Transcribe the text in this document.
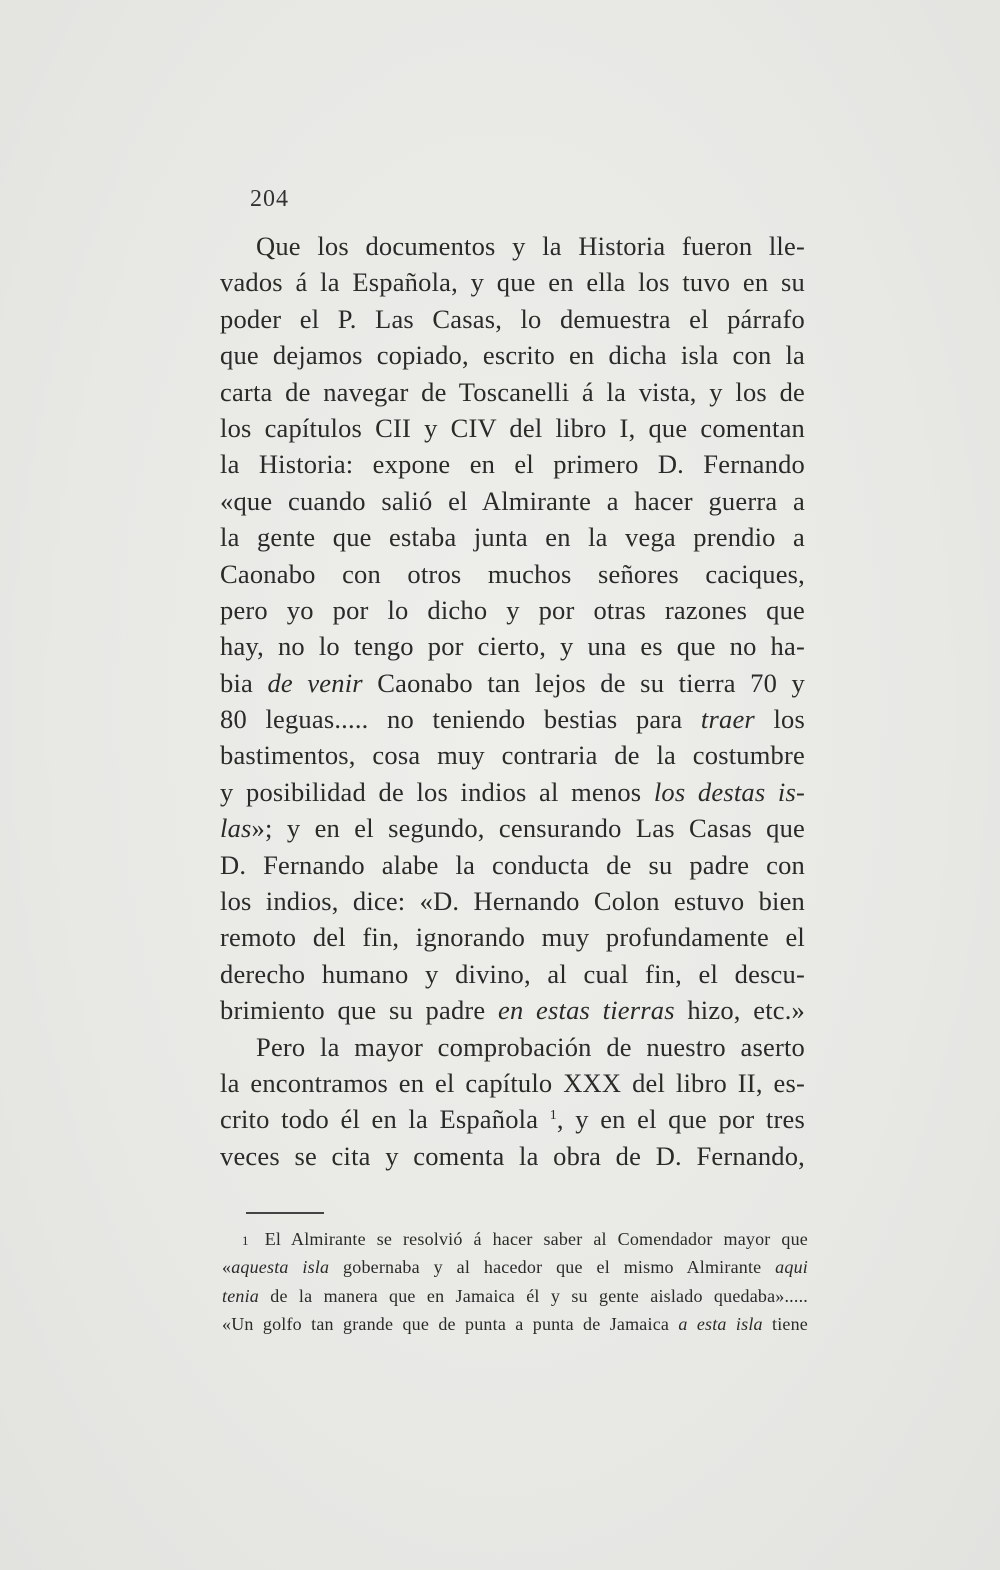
204
Que los documentos y la Historia fueron lle-
vados á la Española, y que en ella los tuvo en su
poder el P. Las Casas, lo demuestra el párrafo
que dejamos copiado, escrito en dicha isla con la
carta de navegar de Toscanelli á la vista, y los de
los capítulos CII y CIV del libro I, que comentan
la Historia: expone en el primero D. Fernando
«que cuando salió el Almirante a hacer guerra a
la gente que estaba junta en la vega prendio a
Caonabo con otros muchos señores caciques,
pero yo por lo dicho y por otras razones que
hay, no lo tengo por cierto, y una es que no ha-
bia de venir Caonabo tan lejos de su tierra 70 y
80 leguas..... no teniendo bestias para traer los
bastimentos, cosa muy contraria de la costumbre
y posibilidad de los indios al menos los destas is-
las»; y en el segundo, censurando Las Casas que
D. Fernando alabe la conducta de su padre con
los indios, dice: «D. Hernando Colon estuvo bien
remoto del fin, ignorando muy profundamente el
derecho humano y divino, al cual fin, el descu-
brimiento que su padre en estas tierras hizo, etc.»
Pero la mayor comprobación de nuestro aserto
la encontramos en el capítulo XXX del libro II, es-
crito todo él en la Española $^1$, y en el que por tres
veces se cita y comenta la obra de D. Fernando,
1 El Almirante se resolvió á hacer saber al Comendador mayor que
«aquesta isla gobernaba y al hacedor que el mismo Almirante aqui
tenia de la manera que en Jamaica él y su gente aislado quedaba».....
«Un golfo tan grande que de punta a punta de Jamaica a esta isla tiene
